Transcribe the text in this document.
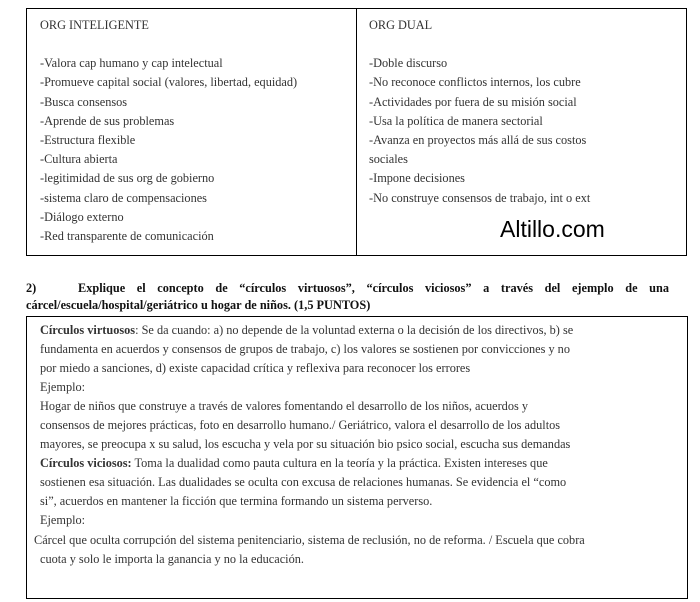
ORG INTELIGENTE
-Valora cap humano y cap intelectual
-Promueve capital social (valores, libertad, equidad)
-Busca consensos
-Aprende de sus problemas
-Estructura flexible
-Cultura abierta
-legitimidad de sus org de gobierno
-sistema claro de compensaciones
-Diálogo externo
-Red transparente de comunicación
ORG DUAL
-Doble discurso
-No reconoce conflictos internos, los cubre
-Actividades por fuera de su misión social
-Usa la política de manera sectorial
-Avanza en proyectos más allá de sus costos
sociales
-Impone decisiones
-No construye consensos de trabajo, int o ext
Altillo.com
2)	Explique el concepto de “círculos virtuosos”, “círculos viciosos” a través del ejemplo de una cárcel/escuela/hospital/geriátrico u hogar de niños. (1,5 PUNTOS)
Círculos virtuosos: Se da cuando: a) no depende de la voluntad externa o la decisión de los directivos, b) se
fundamenta en acuerdos y consensos de grupos de trabajo, c) los valores se sostienen por convicciones y no
por miedo a sanciones, d) existe capacidad crítica y reflexiva para reconocer los errores
Ejemplo:
Hogar de niños que construye a través de valores fomentando el desarrollo de los niños, acuerdos y
consensos de mejores prácticas, foto en desarrollo humano./ Geriátrico, valora el desarrollo de los adultos
mayores, se preocupa x su salud, los escucha y vela por su situación bio psico social, escucha sus demandas
Círculos viciosos: Toma la dualidad como pauta cultura en la teoría y la práctica. Existen intereses que
sostienen esa situación. Las dualidades se oculta con excusa de relaciones humanas. Se evidencia el “como
si”, acuerdos en mantener la ficción que termina formando un sistema perverso.
Ejemplo:
Cárcel que oculta corrupción del sistema penitenciario, sistema de reclusión, no de reforma. / Escuela que cobra
cuota y solo le importa la ganancia y no la educación.
